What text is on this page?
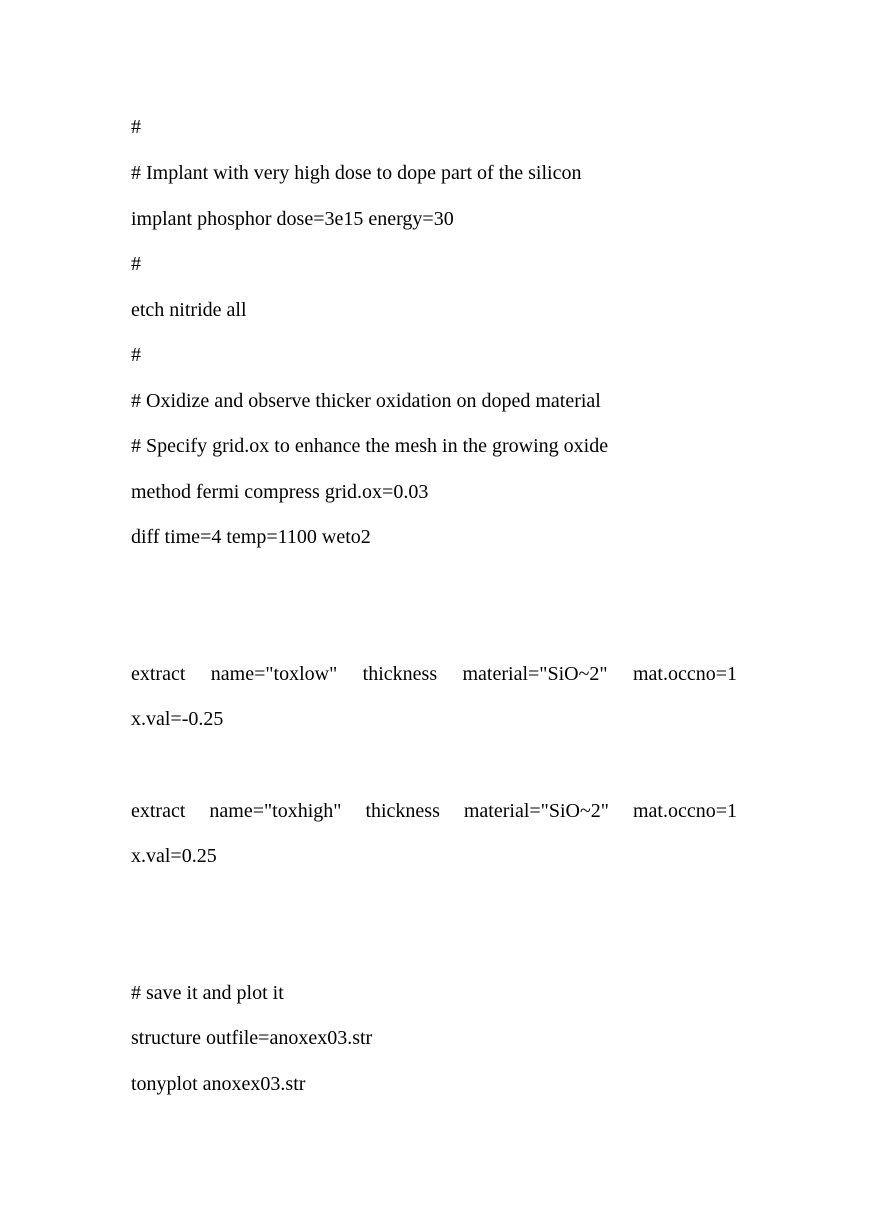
#
# Implant with very high dose to dope part of the silicon
implant phosphor dose=3e15 energy=30
#
etch nitride all
#
# Oxidize and observe thicker oxidation on doped material
# Specify grid.ox to enhance the mesh in the growing oxide
method fermi compress grid.ox=0.03
diff time=4 temp=1100 weto2
extract name="toxlow" thickness material="SiO~2" mat.occno=1
x.val=-0.25
extract name="toxhigh" thickness material="SiO~2" mat.occno=1
x.val=0.25
# save it and plot it
structure outfile=anoxex03.str
tonyplot anoxex03.str
